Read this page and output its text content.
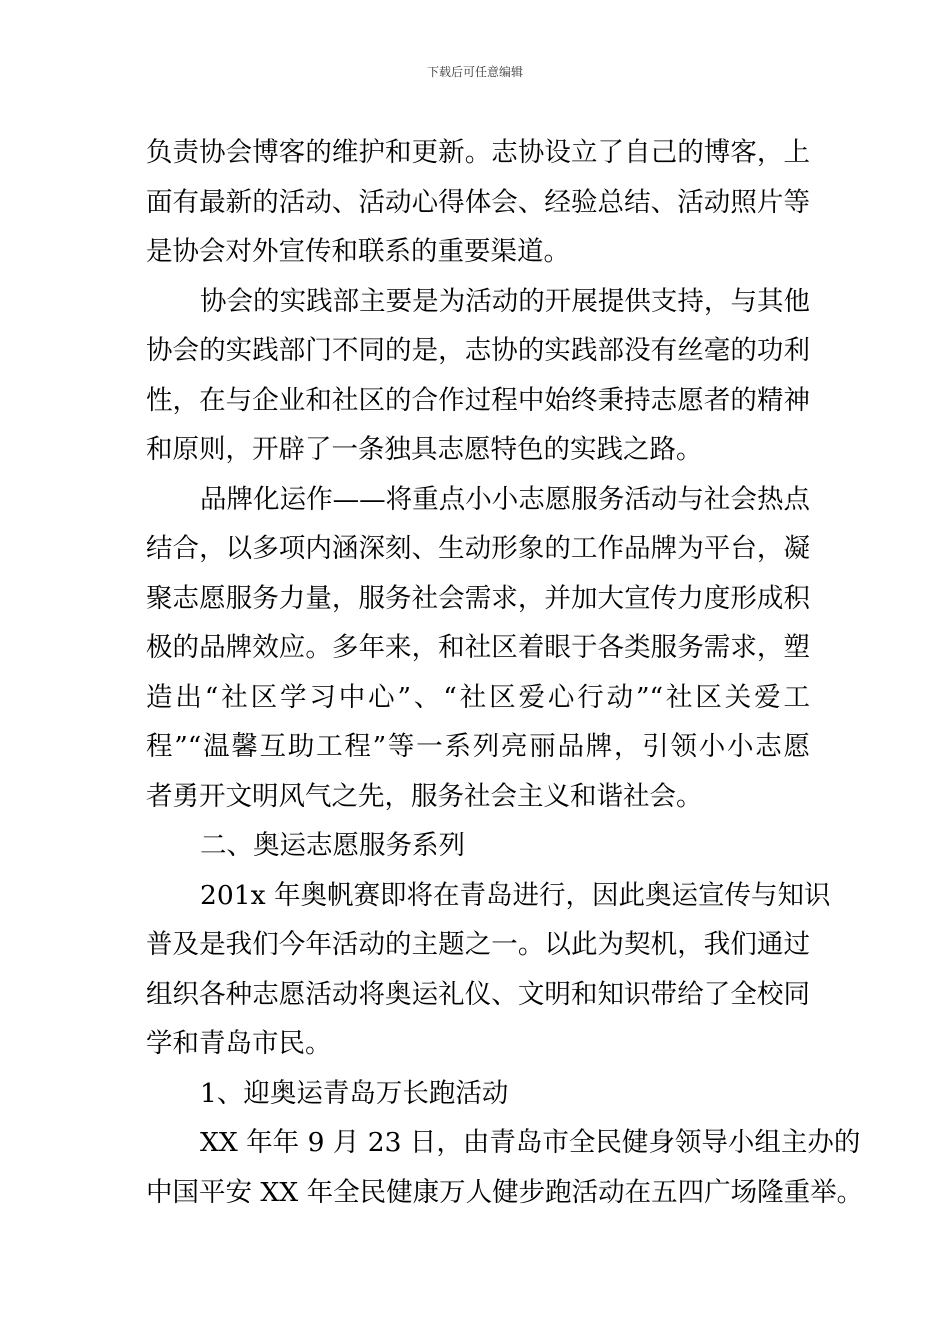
下载后可任意编辑
负责协会博客的维护和更新。志协设立了自己的博客，上
面有最新的活动、活动心得体会、经验总结、活动照片等
是协会对外宣传和联系的重要渠道。
协会的实践部主要是为活动的开展提供支持，与其他
协会的实践部门不同的是，志协的实践部没有丝毫的功利
性，在与企业和社区的合作过程中始终秉持志愿者的精神
和原则，开辟了一条独具志愿特色的实践之路。
品牌化运作——将重点小小志愿服务活动与社会热点
结合，以多项内涵深刻、生动形象的工作品牌为平台，凝
聚志愿服务力量，服务社会需求，并加大宣传力度形成积
极的品牌效应。多年来，和社区着眼于各类服务需求，塑
造出“社区学习中心”、“社区爱心行动”“社区关爱工
程”“温馨互助工程”等一系列亮丽品牌，引领小小志愿
者勇开文明风气之先，服务社会主义和谐社会。
二、奥运志愿服务系列
201x 年奥帆赛即将在青岛进行，因此奥运宣传与知识
普及是我们今年活动的主题之一。以此为契机，我们通过
组织各种志愿活动将奥运礼仪、文明和知识带给了全校同
学和青岛市民。
1、迎奥运青岛万长跑活动
XX 年年 9 月 23 日，由青岛市全民健身领导小组主办的
中国平安 XX 年全民健康万人健步跑活动在五四广场隆重举。
